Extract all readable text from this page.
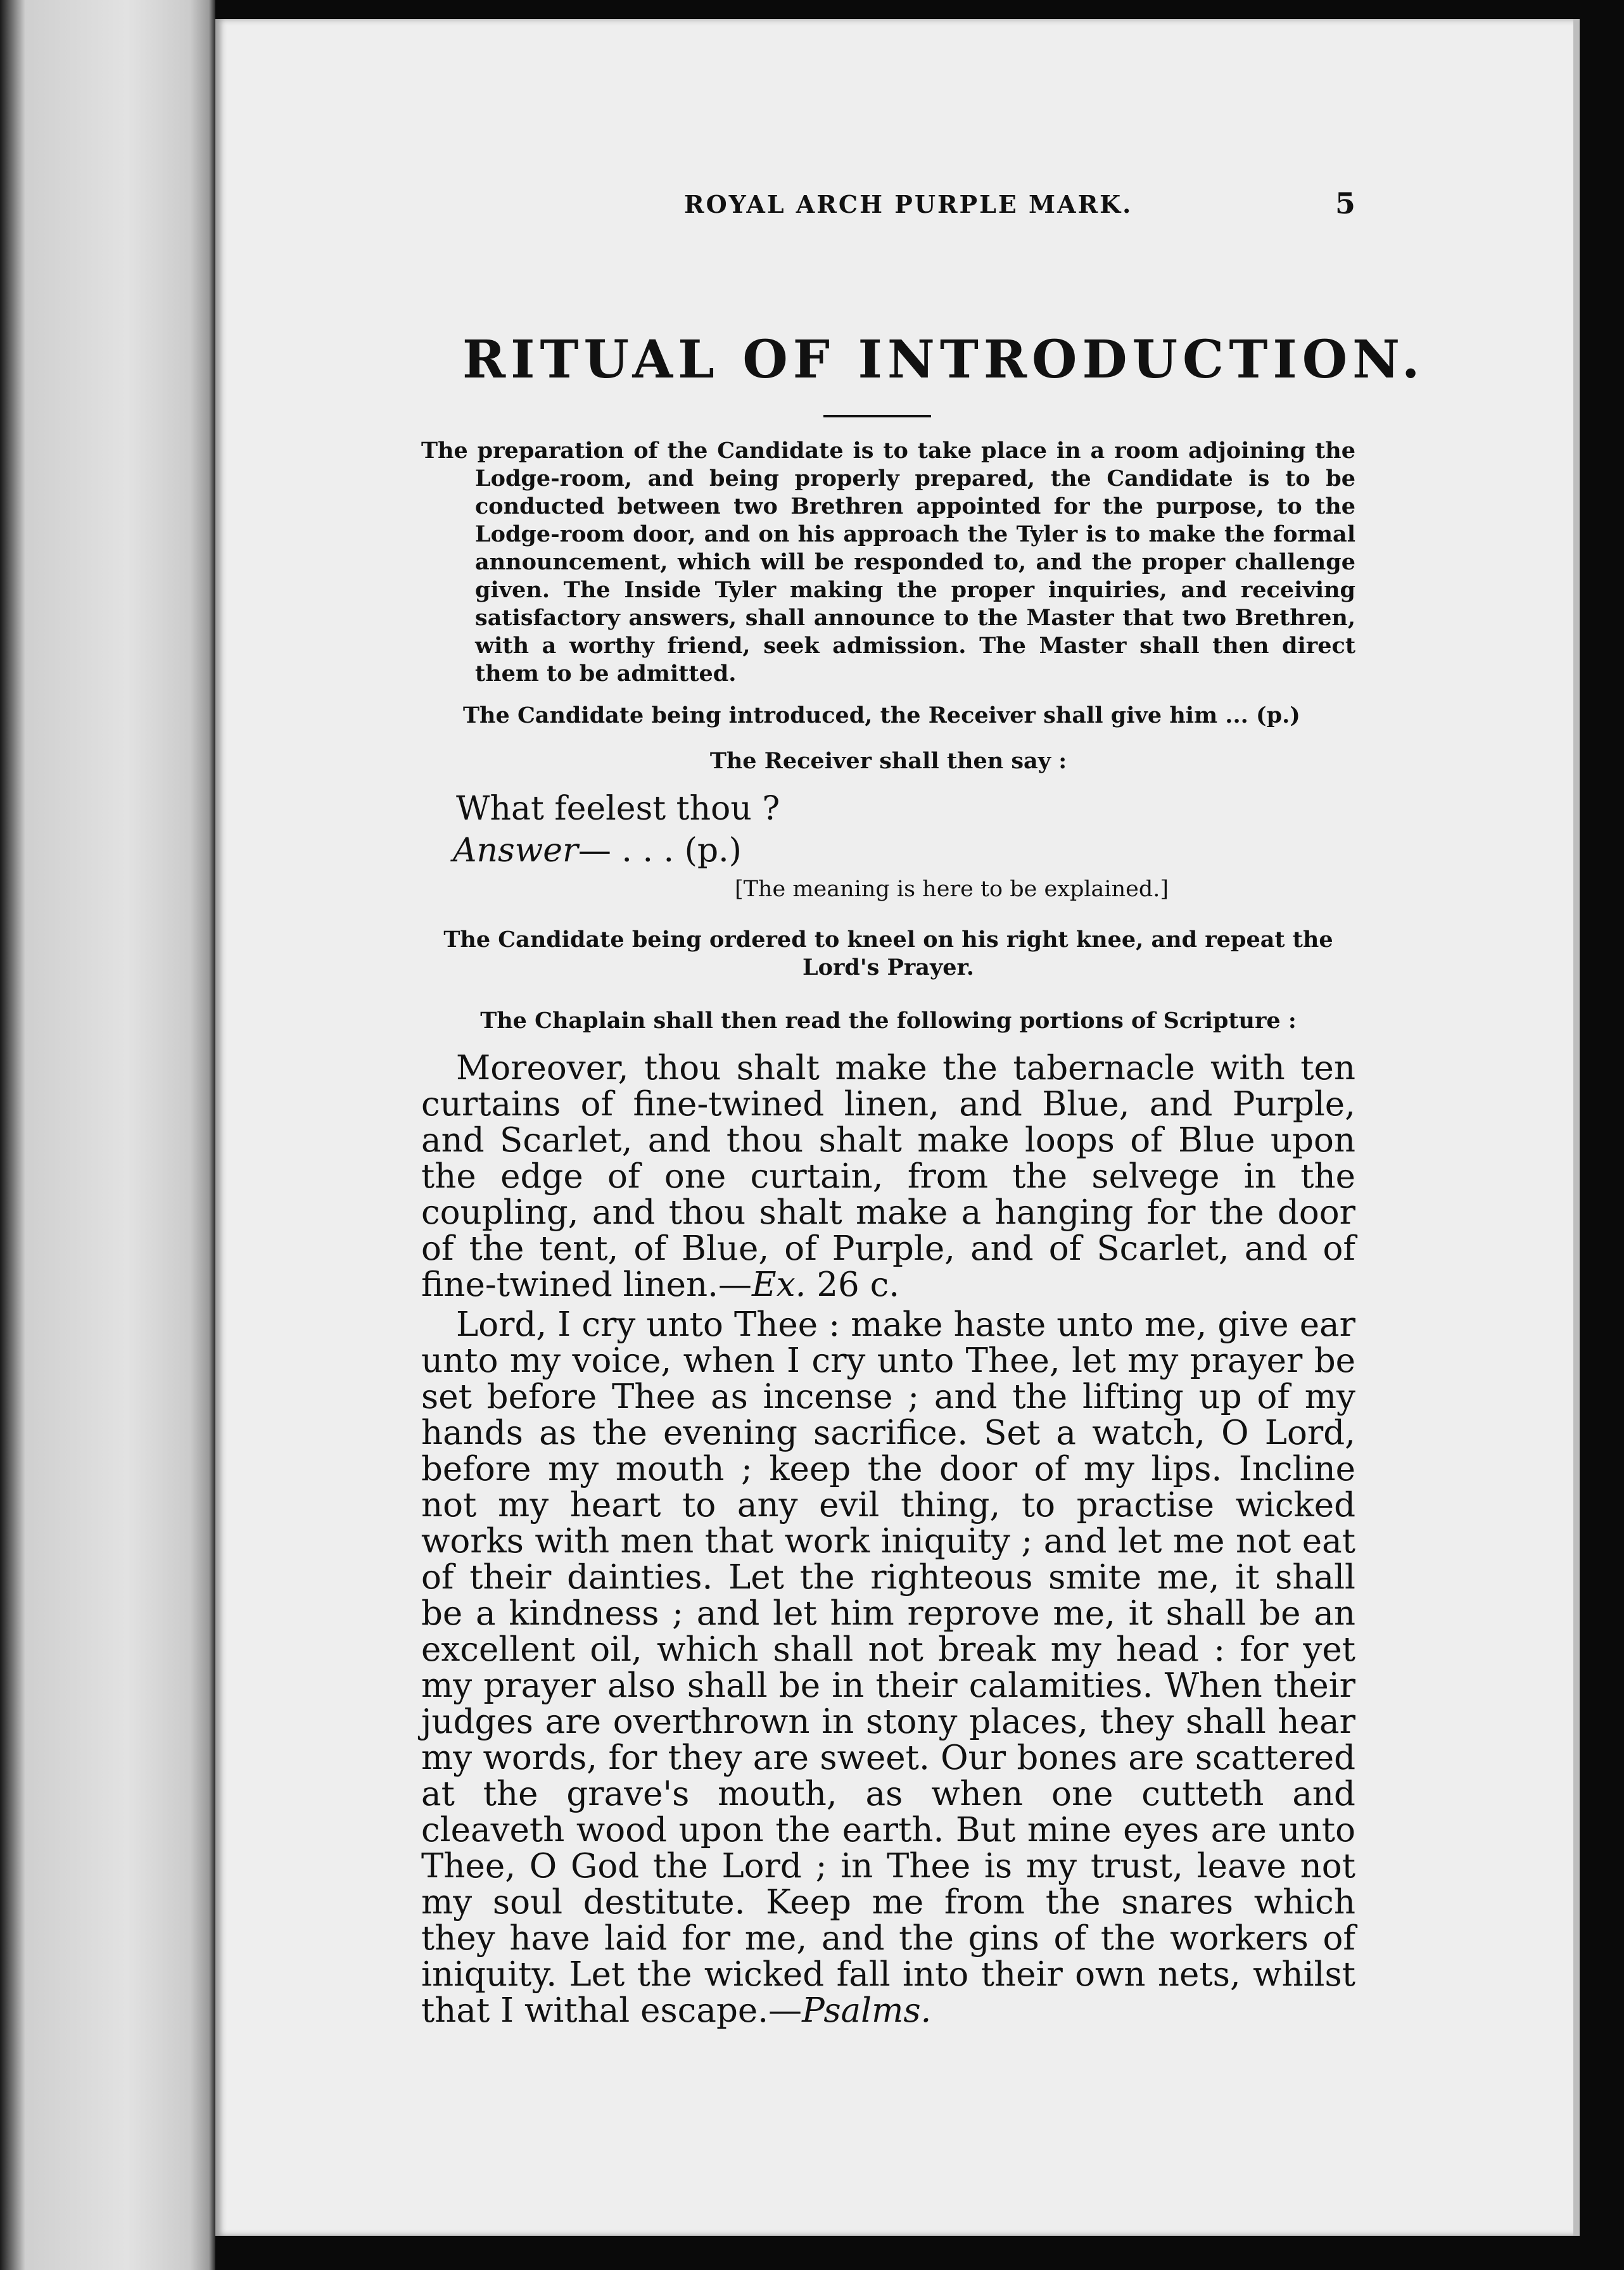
ROYAL ARCH PURPLE MARK.	5
RITUAL OF INTRODUCTION.

The preparation of the Candidate is to take place in a room adjoining the Lodge-room, and being properly prepared, the Candidate is to be conducted between two Brethren appointed for the purpose, to the Lodge-room door, and on his approach the Tyler is to make the formal announcement, which will be responded to, and the proper challenge given. The Inside Tyler making the proper inquiries, and receiving satisfactory answers, shall announce to the Master that two Brethren, with a worthy friend, seek admission. The Master shall then direct them to be admitted.

The Candidate being introduced, the Receiver shall give him ... (p.)

The Receiver shall then say :

What feelest thou ?

Answer— . . . (p.)

[The meaning is here to be explained.]

The Candidate being ordered to kneel on his right knee, and repeat the Lord's Prayer.

The Chaplain shall then read the following portions of Scripture :

Moreover, thou shalt make the tabernacle with ten curtains of fine-twined linen, and Blue, and Purple, and Scarlet, and thou shalt make loops of Blue upon the edge of one curtain, from the selvege in the coupling, and thou shalt make a hanging for the door of the tent, of Blue, of Purple, and of Scarlet, and of fine-twined linen.—Ex. 26 c.

Lord, I cry unto Thee : make haste unto me, give ear unto my voice, when I cry unto Thee, let my prayer be set before Thee as incense ; and the lifting up of my hands as the evening sacrifice. Set a watch, O Lord, before my mouth ; keep the door of my lips. Incline not my heart to any evil thing, to practise wicked works with men that work iniquity ; and let me not eat of their dainties. Let the righteous smite me, it shall be a kindness ; and let him reprove me, it shall be an excellent oil, which shall not break my head : for yet my prayer also shall be in their calamities. When their judges are overthrown in stony places, they shall hear my words, for they are sweet. Our bones are scattered at the grave's mouth, as when one cutteth and cleaveth wood upon the earth. But mine eyes are unto Thee, O God the Lord ; in Thee is my trust, leave not my soul destitute. Keep me from the snares which they have laid for me, and the gins of the workers of iniquity. Let the wicked fall into their own nets, whilst that I withal escape.—Psalms.
